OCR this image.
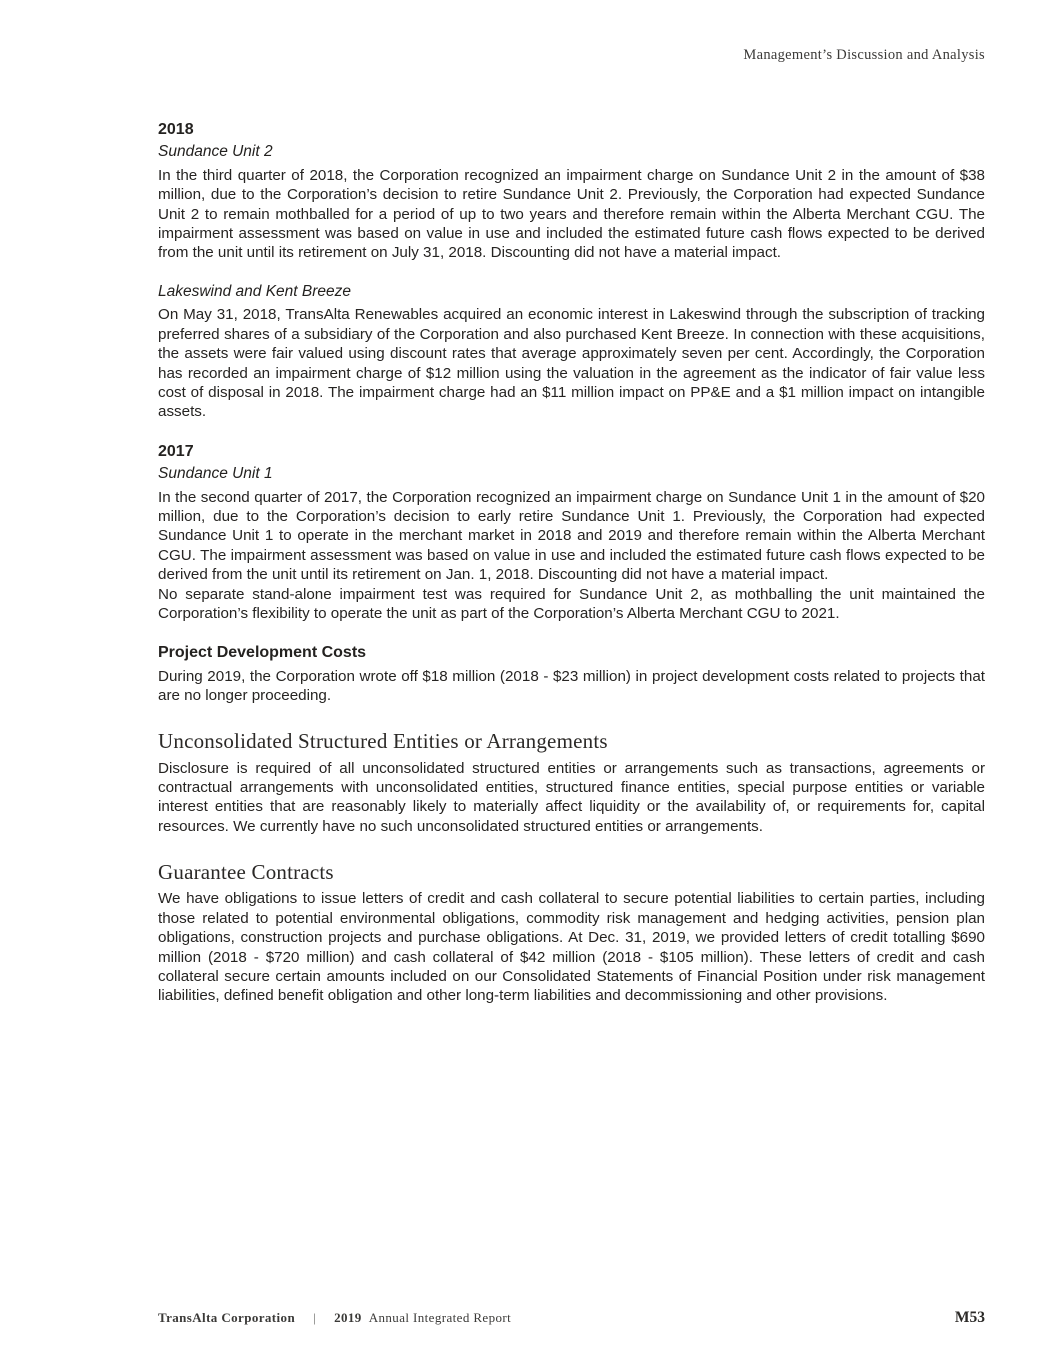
Management’s Discussion and Analysis
2018
Sundance Unit 2

In the third quarter of 2018, the Corporation recognized an impairment charge on Sundance Unit 2 in the amount of $38 million, due to the Corporation’s decision to retire Sundance Unit 2. Previously, the Corporation had expected Sundance Unit 2 to remain mothballed for a period of up to two years and therefore remain within the Alberta Merchant CGU. The impairment assessment was based on value in use and included the estimated future cash flows expected to be derived from the unit until its retirement on July 31, 2018. Discounting did not have a material impact.

Lakeswind and Kent Breeze

On May 31, 2018, TransAlta Renewables acquired an economic interest in Lakeswind through the subscription of tracking preferred shares of a subsidiary of the Corporation and also purchased Kent Breeze. In connection with these acquisitions, the assets were fair valued using discount rates that average approximately seven per cent. Accordingly, the Corporation has recorded an impairment charge of $12 million using the valuation in the agreement as the indicator of fair value less cost of disposal in 2018. The impairment charge had an $11 million impact on PP&E and a $1 million impact on intangible assets.

2017
Sundance Unit 1

In the second quarter of 2017, the Corporation recognized an impairment charge on Sundance Unit 1 in the amount of $20 million, due to the Corporation’s decision to early retire Sundance Unit 1. Previously, the Corporation had expected Sundance Unit 1 to operate in the merchant market in 2018 and 2019 and therefore remain within the Alberta Merchant CGU. The impairment assessment was based on value in use and included the estimated future cash flows expected to be derived from the unit until its retirement on Jan. 1, 2018. Discounting did not have a material impact.

No separate stand-alone impairment test was required for Sundance Unit 2, as mothballing the unit maintained the Corporation’s flexibility to operate the unit as part of the Corporation’s Alberta Merchant CGU to 2021.

Project Development Costs

During 2019, the Corporation wrote off $18 million (2018 - $23 million) in project development costs related to projects that are no longer proceeding.

Unconsolidated Structured Entities or Arrangements

Disclosure is required of all unconsolidated structured entities or arrangements such as transactions, agreements or contractual arrangements with unconsolidated entities, structured finance entities, special purpose entities or variable interest entities that are reasonably likely to materially affect liquidity or the availability of, or requirements for, capital resources. We currently have no such unconsolidated structured entities or arrangements.

Guarantee Contracts

We have obligations to issue letters of credit and cash collateral to secure potential liabilities to certain parties, including those related to potential environmental obligations, commodity risk management and hedging activities, pension plan obligations, construction projects and purchase obligations. At Dec. 31, 2019, we provided letters of credit totalling $690 million (2018 - $720 million) and cash collateral of $42 million (2018 - $105 million). These letters of credit and cash collateral secure certain amounts included on our Consolidated Statements of Financial Position under risk management liabilities, defined benefit obligation and other long-term liabilities and decommissioning and other provisions.

TransAlta Corporation | 2019 Annual Integrated Report	M53
